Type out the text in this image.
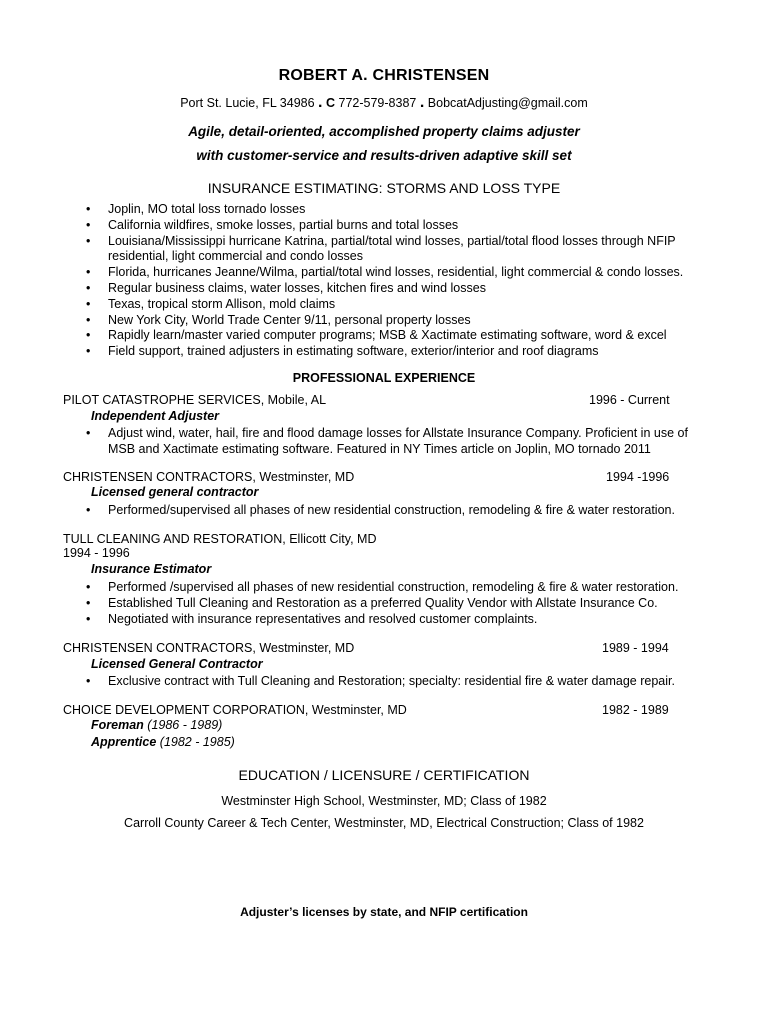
ROBERT A. CHRISTENSEN
Port St. Lucie, FL 34986 . C 772-579-8387 . BobcatAdjusting@gmail.com
Agile, detail-oriented, accomplished property claims adjuster
with customer-service and results-driven adaptive skill set
INSURANCE ESTIMATING: STORMS AND LOSS TYPE
• Joplin, MO total loss tornado losses
• California wildfires, smoke losses, partial burns and total losses
• Louisiana/Mississippi hurricane Katrina, partial/total wind losses, partial/total flood losses through NFIP residential, light commercial and condo losses
• Florida, hurricanes Jeanne/Wilma, partial/total wind losses, residential, light commercial & condo losses.
• Regular business claims, water losses, kitchen fires and wind losses
• Texas, tropical storm Allison, mold claims
• New York City, World Trade Center 9/11, personal property losses
• Rapidly learn/master varied computer programs; MSB & Xactimate estimating software, word & excel
• Field support, trained adjusters in estimating software, exterior/interior and roof diagrams
PROFESSIONAL EXPERIENCE
PILOT CATASTROPHE SERVICES, Mobile, AL	1996 - Current
Independent Adjuster
• Adjust wind, water, hail, fire and flood damage losses for Allstate Insurance Company. Proficient in use of MSB and Xactimate estimating software. Featured in NY Times article on Joplin, MO tornado 2011
CHRISTENSEN CONTRACTORS, Westminster, MD	1994 -1996
Licensed general contractor
• Performed/supervised all phases of new residential construction, remodeling & fire & water restoration.
TULL CLEANING AND RESTORATION, Ellicott City, MD
1994 - 1996
Insurance Estimator
• Performed /supervised all phases of new residential construction, remodeling & fire & water restoration.
• Established Tull Cleaning and Restoration as a preferred Quality Vendor with Allstate Insurance Co.
• Negotiated with insurance representatives and resolved customer complaints.
CHRISTENSEN CONTRACTORS, Westminster, MD	1989 - 1994
Licensed General Contractor
• Exclusive contract with Tull Cleaning and Restoration; specialty: residential fire & water damage repair.
CHOICE DEVELOPMENT CORPORATION, Westminster, MD	1982 - 1989
Foreman (1986 - 1989)
Apprentice (1982 - 1985)
EDUCATION / LICENSURE / CERTIFICATION
Westminster High School, Westminster, MD; Class of 1982
Carroll County Career & Tech Center, Westminster, MD, Electrical Construction; Class of 1982
Adjuster’s licenses by state, and NFIP certification
